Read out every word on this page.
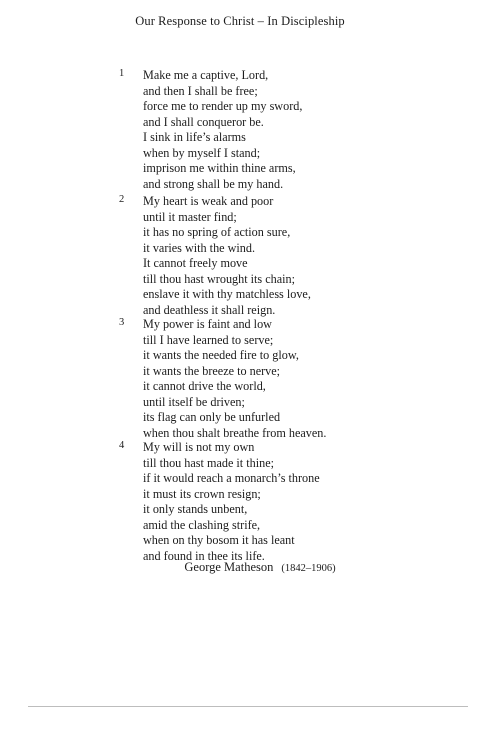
Our Response to Christ – In Discipleship
1 Make me a captive, Lord,
and then I shall be free;
force me to render up my sword,
and I shall conqueror be.
I sink in life’s alarms
when by myself I stand;
imprison me within thine arms,
and strong shall be my hand.
2 My heart is weak and poor
until it master find;
it has no spring of action sure,
it varies with the wind.
It cannot freely move
till thou hast wrought its chain;
enslave it with thy matchless love,
and deathless it shall reign.
3 My power is faint and low
till I have learned to serve;
it wants the needed fire to glow,
it wants the breeze to nerve;
it cannot drive the world,
until itself be driven;
its flag can only be unfurled
when thou shalt breathe from heaven.
4 My will is not my own
till thou hast made it thine;
if it would reach a monarch’s throne
it must its crown resign;
it only stands unbent,
amid the clashing strife,
when on thy bosom it has leant
and found in thee its life.
George Matheson (1842–1906)
